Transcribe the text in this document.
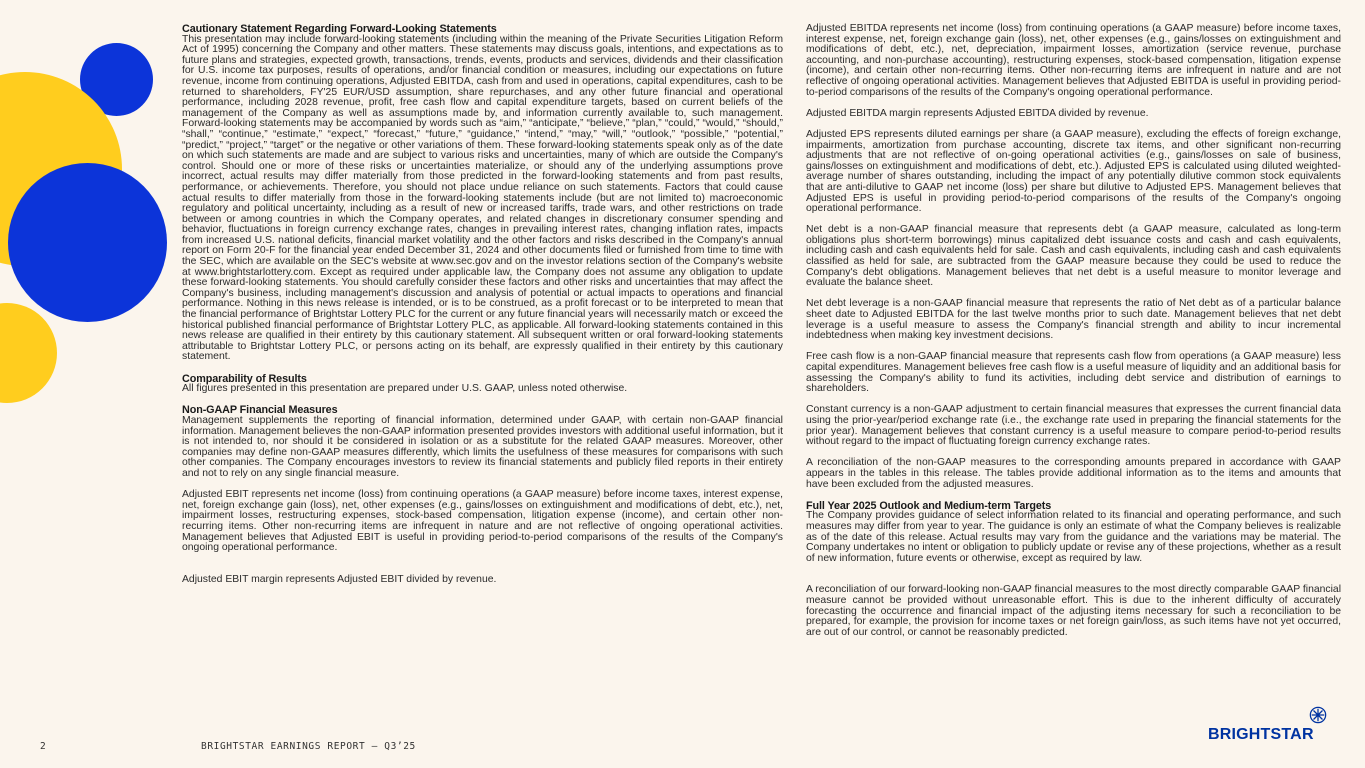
Cautionary Statement Regarding Forward-Looking Statements

This presentation may include forward-looking statements (including within the meaning of the Private Securities Litigation Reform Act of 1995) concerning the Company and other matters. These statements may discuss goals, intentions, and expectations as to future plans and strategies, expected growth, transactions, trends, events, products and services, dividends and their classification for U.S. income tax purposes, results of operations, and/or financial condition or measures, including our expectations on future revenue, income from continuing operations, Adjusted EBITDA, cash from and used in operations, capital expenditures, cash to be returned to shareholders, FY'25 EUR/USD assumption, share repurchases, and any other future financial and operational performance, including 2028 revenue, profit, free cash flow and capital expenditure targets, based on current beliefs of the management of the Company as well as assumptions made by, and information currently available to, such management. Forward-looking statements may be accompanied by words such as “aim,” “anticipate,” “believe,” “plan,” “could,” “would,” “should,” “shall,” “continue,” “estimate,” “expect,” “forecast,” “future,” “guidance,” “intend,” “may,” “will,” “outlook,” “possible,” “potential,” “predict,” “project,” “target” or the negative or other variations of them. These forward-looking statements speak only as of the date on which such statements are made and are subject to various risks and uncertainties, many of which are outside the Company's control. Should one or more of these risks or uncertainties materialize, or should any of the underlying assumptions prove incorrect, actual results may differ materially from those predicted in the forward-looking statements and from past results, performance, or achievements. Therefore, you should not place undue reliance on such statements. Factors that could cause actual results to differ materially from those in the forward-looking statements include (but are not limited to) macroeconomic regulatory and political uncertainty, including as a result of new or increased tariffs, trade wars, and other restrictions on trade between or among countries in which the Company operates, and related changes in discretionary consumer spending and behavior, fluctuations in foreign currency exchange rates, changes in prevailing interest rates, changing inflation rates, impacts from increased U.S. national deficits, financial market volatility and the other factors and risks described in the Company's annual report on Form 20-F for the financial year ended December 31, 2024 and other documents filed or furnished from time to time with the SEC, which are available on the SEC's website at www.sec.gov and on the investor relations section of the Company's website at www.brightstarlottery.com. Except as required under applicable law, the Company does not assume any obligation to update these forward-looking statements. You should carefully consider these factors and other risks and uncertainties that may affect the Company's business, including management's discussion and analysis of potential or actual impacts to operations and financial performance. Nothing in this news release is intended, or is to be construed, as a profit forecast or to be interpreted to mean that the financial performance of Brightstar Lottery PLC for the current or any future financial years will necessarily match or exceed the historical published financial performance of Brightstar Lottery PLC, as applicable. All forward-looking statements contained in this news release are qualified in their entirety by this cautionary statement. All subsequent written or oral forward-looking statements attributable to Brightstar Lottery PLC, or persons acting on its behalf, are expressly qualified in their entirety by this cautionary statement.

Comparability of Results

All figures presented in this presentation are prepared under U.S. GAAP, unless noted otherwise.

Non-GAAP Financial Measures

Management supplements the reporting of financial information, determined under GAAP, with certain non-GAAP financial information. Management believes the non-GAAP information presented provides investors with additional useful information, but it is not intended to, nor should it be considered in isolation or as a substitute for the related GAAP measures. Moreover, other companies may define non-GAAP measures differently, which limits the usefulness of these measures for comparisons with such other companies. The Company encourages investors to review its financial statements and publicly filed reports in their entirety and not to rely on any single financial measure.

Adjusted EBIT represents net income (loss) from continuing operations (a GAAP measure) before income taxes, interest expense, net, foreign exchange gain (loss), net, other expenses (e.g., gains/losses on extinguishment and modifications of debt, etc.), net, impairment losses, restructuring expenses, stock-based compensation, litigation expense (income), and certain other non-recurring items. Other non-recurring items are infrequent in nature and are not reflective of ongoing operational activities. Management believes that Adjusted EBIT is useful in providing period-to-period comparisons of the results of the Company's ongoing operational performance.

Adjusted EBIT margin represents Adjusted EBIT divided by revenue.

Adjusted EBITDA represents net income (loss) from continuing operations (a GAAP measure) before income taxes, interest expense, net, foreign exchange gain (loss), net, other expenses (e.g., gains/losses on extinguishment and modifications of debt, etc.), net, depreciation, impairment losses, amortization (service revenue, purchase accounting, and non-purchase accounting), restructuring expenses, stock-based compensation, litigation expense (income), and certain other non-recurring items. Other non-recurring items are infrequent in nature and are not reflective of ongoing operational activities. Management believes that Adjusted EBITDA is useful in providing period-to-period comparisons of the results of the Company's ongoing operational performance.

Adjusted EBITDA margin represents Adjusted EBITDA divided by revenue.

Adjusted EPS represents diluted earnings per share (a GAAP measure), excluding the effects of foreign exchange, impairments, amortization from purchase accounting, discrete tax items, and other significant non-recurring adjustments that are not reflective of on-going operational activities (e.g., gains/losses on sale of business, gains/losses on extinguishment and modifications of debt, etc.). Adjusted EPS is calculated using diluted weighted-average number of shares outstanding, including the impact of any potentially dilutive common stock equivalents that are anti-dilutive to GAAP net income (loss) per share but dilutive to Adjusted EPS. Management believes that Adjusted EPS is useful in providing period-to-period comparisons of the results of the Company's ongoing operational performance.

Net debt is a non-GAAP financial measure that represents debt (a GAAP measure, calculated as long-term obligations plus short-term borrowings) minus capitalized debt issuance costs and cash and cash equivalents, including cash and cash equivalents held for sale. Cash and cash equivalents, including cash and cash equivalents classified as held for sale, are subtracted from the GAAP measure because they could be used to reduce the Company's debt obligations. Management believes that net debt is a useful measure to monitor leverage and evaluate the balance sheet.

Net debt leverage is a non-GAAP financial measure that represents the ratio of Net debt as of a particular balance sheet date to Adjusted EBITDA for the last twelve months prior to such date. Management believes that net debt leverage is a useful measure to assess the Company's financial strength and ability to incur incremental indebtedness when making key investment decisions.

Free cash flow is a non-GAAP financial measure that represents cash flow from operations (a GAAP measure) less capital expenditures. Management believes free cash flow is a useful measure of liquidity and an additional basis for assessing the Company's ability to fund its activities, including debt service and distribution of earnings to shareholders.

Constant currency is a non-GAAP adjustment to certain financial measures that expresses the current financial data using the prior-year/period exchange rate (i.e., the exchange rate used in preparing the financial statements for the prior year). Management believes that constant currency is a useful measure to compare period-to-period results without regard to the impact of fluctuating foreign currency exchange rates.

A reconciliation of the non-GAAP measures to the corresponding amounts prepared in accordance with GAAP appears in the tables in this release. The tables provide additional information as to the items and amounts that have been excluded from the adjusted measures.

Full Year 2025 Outlook and Medium-term Targets

The Company provides guidance of select information related to its financial and operating performance, and such measures may differ from year to year. The guidance is only an estimate of what the Company believes is realizable as of the date of this release. Actual results may vary from the guidance and the variations may be material. The Company undertakes no intent or obligation to publicly update or revise any of these projections, whether as a result of new information, future events or otherwise, except as required by law.

A reconciliation of our forward-looking non-GAAP financial measures to the most directly comparable GAAP financial measure cannot be provided without unreasonable effort. This is due to the inherent difficulty of accurately forecasting the occurrence and financial impact of the adjusting items necessary for such a reconciliation to be prepared, for example, the provision for income taxes or net foreign gain/loss, as such items have not yet occurred, are out of our control, or cannot be reasonably predicted.

2	BRIGHTSTAR EARNINGS REPORT – Q3’25
BRIGHTSTAR
